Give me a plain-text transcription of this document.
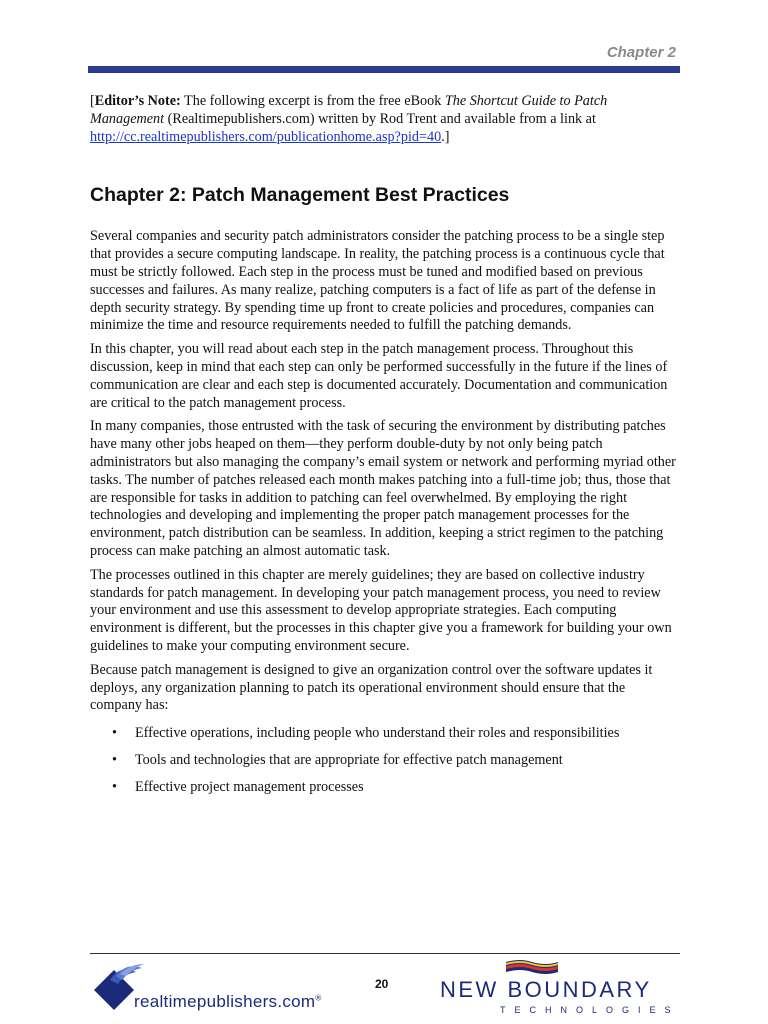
Chapter 2

[Editor’s Note: The following excerpt is from the free eBook The Shortcut Guide to Patch Management (Realtimepublishers.com) written by Rod Trent and available from a link at http://cc.realtimepublishers.com/publicationhome.asp?pid=40.]

Chapter 2: Patch Management Best Practices

Several companies and security patch administrators consider the patching process to be a single step that provides a secure computing landscape. In reality, the patching process is a continuous cycle that must be strictly followed. Each step in the process must be tuned and modified based on previous successes and failures. As many realize, patching computers is a fact of life as part of the defense in depth security strategy. By spending time up front to create policies and procedures, companies can minimize the time and resource requirements needed to fulfill the patching demands.

In this chapter, you will read about each step in the patch management process. Throughout this discussion, keep in mind that each step can only be performed successfully in the future if the lines of communication are clear and each step is documented accurately. Documentation and communication are critical to the patch management process.

In many companies, those entrusted with the task of securing the environment by distributing patches have many other jobs heaped on them—they perform double-duty by not only being patch administrators but also managing the company’s email system or network and performing myriad other tasks. The number of patches released each month makes patching into a full-time job; thus, those that are responsible for tasks in addition to patching can feel overwhelmed. By employing the right technologies and developing and implementing the proper patch management processes for the environment, patch distribution can be seamless. In addition, keeping a strict regimen to the patching process can make patching an almost automatic task.

The processes outlined in this chapter are merely guidelines; they are based on collective industry standards for patch management. In developing your patch management process, you need to review your environment and use this assessment to develop appropriate strategies. Each computing environment is different, but the processes in this chapter give you a framework for building your own guidelines to make your computing environment secure.

Because patch management is designed to give an organization control over the software updates it deploys, any organization planning to patch its operational environment should ensure that the company has:

• Effective operations, including people who understand their roles and responsibilities
• Tools and technologies that are appropriate for effective patch management
• Effective project management processes
realtimepublishers.com®
20 NEW BOUNDARY
TECHNOLOGIES
